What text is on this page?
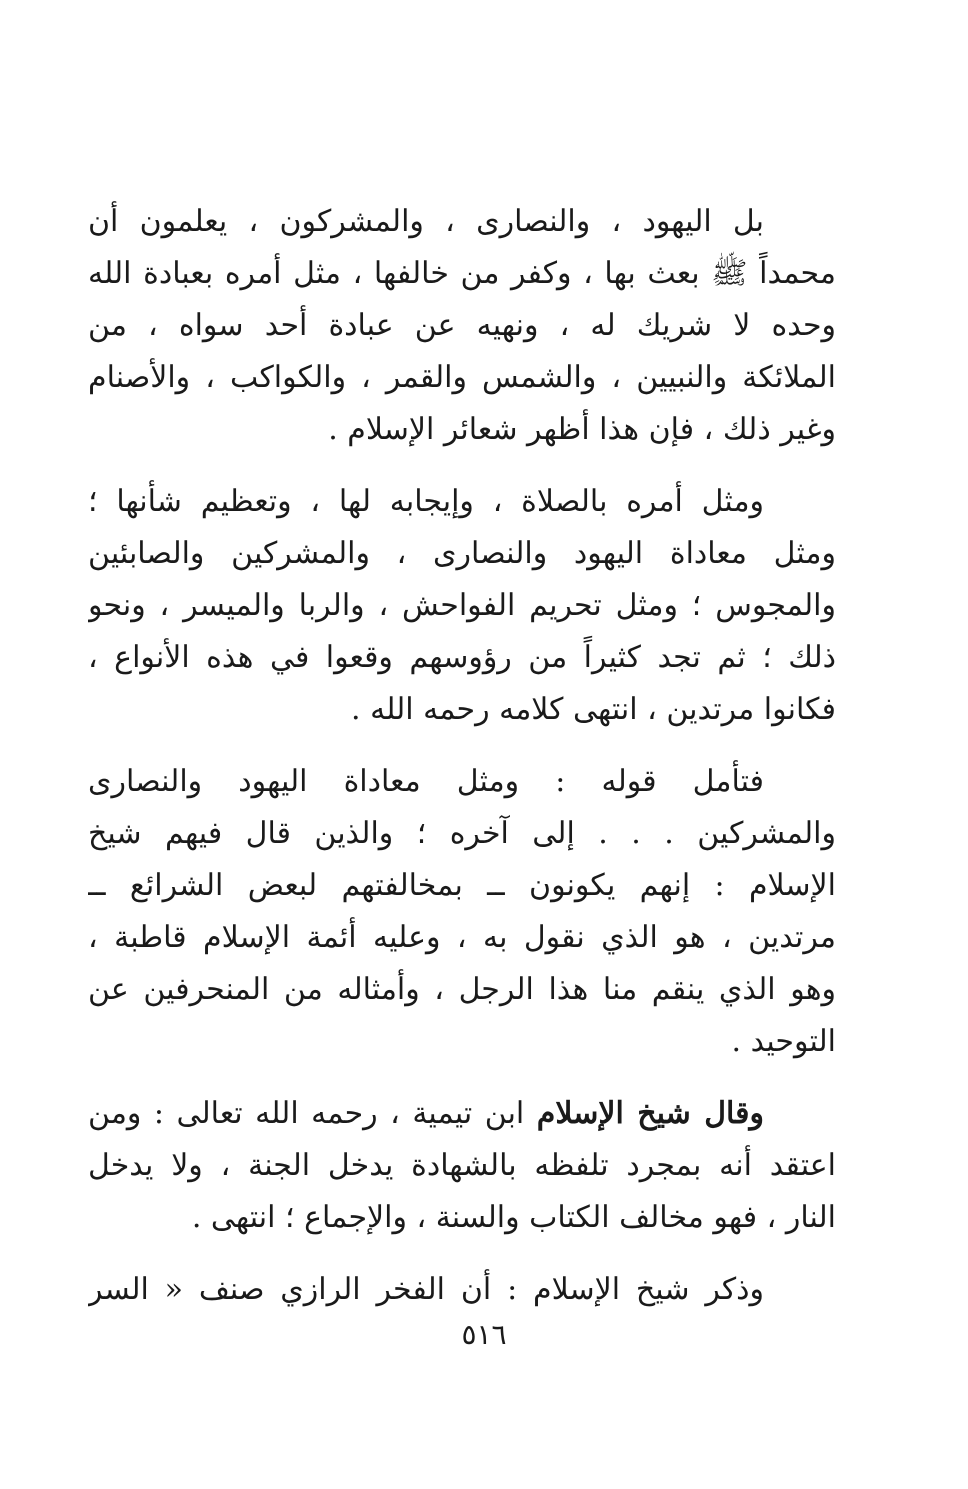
بل اليهود ، والنصارى ، والمشركون ، يعلمون أن
محمداً ﷺ بعث بها ، وكفر من خالفها ، مثل أمره بعبادة الله
وحده لا شريك له ، ونهيه عن عبادة أحد سواه ، من
الملائكة والنبيين ، والشمس والقمر ، والكواكب ، والأصنام
وغير ذلك ، فإن هذا أظهر شعائر الإسلام .

ومثل أمره بالصلاة ، وإيجابه لها ، وتعظيم شأنها ؛
ومثل معاداة اليهود والنصارى ، والمشركين والصابئين
والمجوس ؛ ومثل تحريم الفواحش ، والربا والميسر ، ونحو
ذلك ؛ ثم تجد كثيراً من رؤوسهم وقعوا في هذه الأنواع ،
فكانوا مرتدين ، انتهى كلامه رحمه الله .

فتأمل قوله : ومثل معاداة اليهود والنصارى
والمشركين . . . إلى آخره ؛ والذين قال فيهم شيخ
الإسلام : إنهم يكونون ــ بمخالفتهم لبعض الشرائع ــ
مرتدين ، هو الذي نقول به ، وعليه أئمة الإسلام قاطبة ،
وهو الذي ينقم منا هذا الرجل ، وأمثاله من المنحرفين عن
التوحيد .

وقال شيخ الإسلام ابن تيمية ، رحمه الله تعالى : ومن
اعتقد أنه بمجرد تلفظه بالشهادة يدخل الجنة ، ولا يدخل
النار ، فهو مخالف الكتاب والسنة ، والإجماع ؛ انتهى .

وذكر شيخ الإسلام : أن الفخر الرازي صنف « السر

٥١٦
